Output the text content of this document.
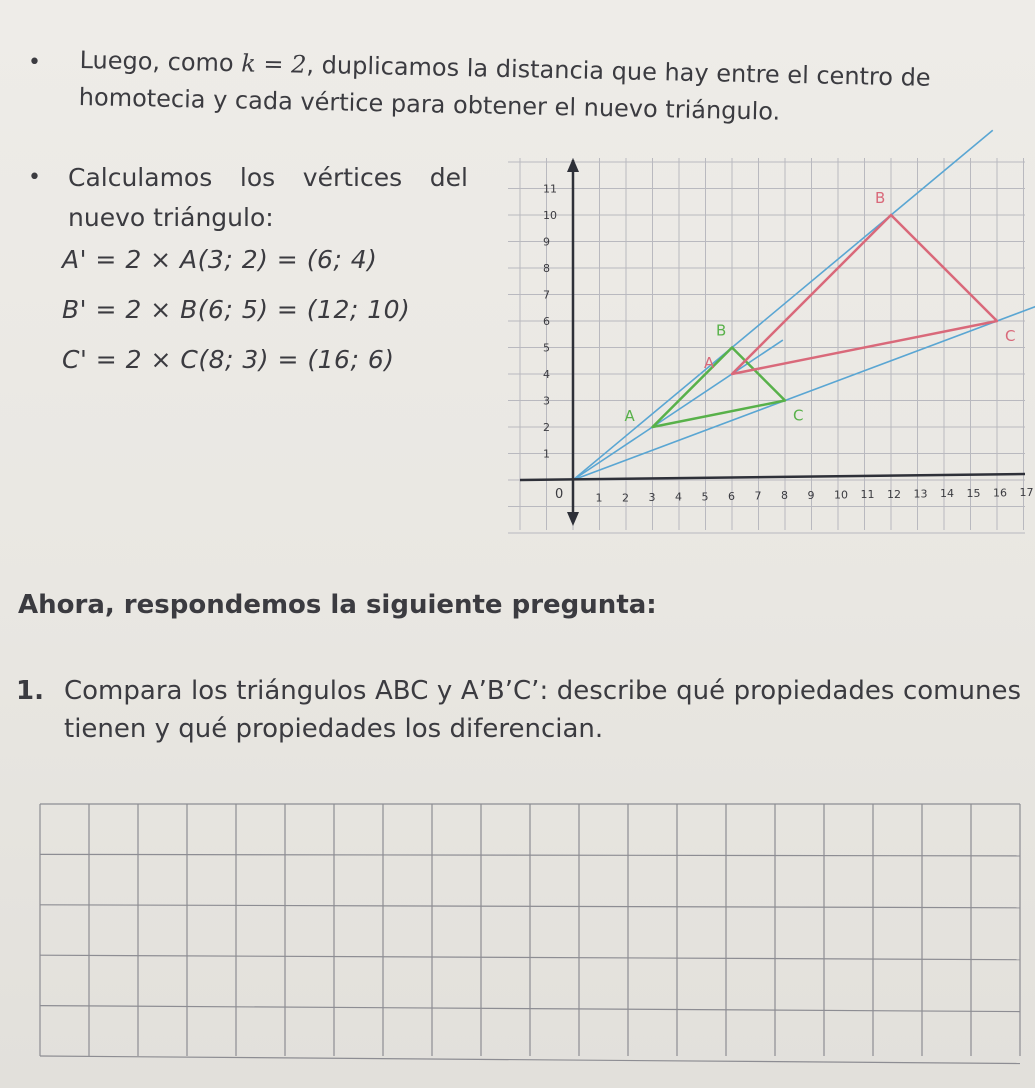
• Luego, como k = 2, duplicamos la distancia que hay entre el centro de homotecia y cada vértice para obtener el nuevo triángulo.
• Calculamos los vértices del nuevo triángulo:
A' = 2 × A(3; 2) = (6; 4)
B' = 2 × B(6; 5) = (12; 10)
C' = 2 × C(8; 3) = (16; 6)
1 2 3 4 5 6 7 8 9 10 11 12 13 14 15 16 17
1
2
3
4
5
6
7
8
9
10
11
0
A
B
C
A
B
C
Ahora, respondemos la siguiente pregunta:
1. Compara los triángulos ABC y A’B’C’: describe qué propiedades comunes tienen y qué propiedades los diferencian.
